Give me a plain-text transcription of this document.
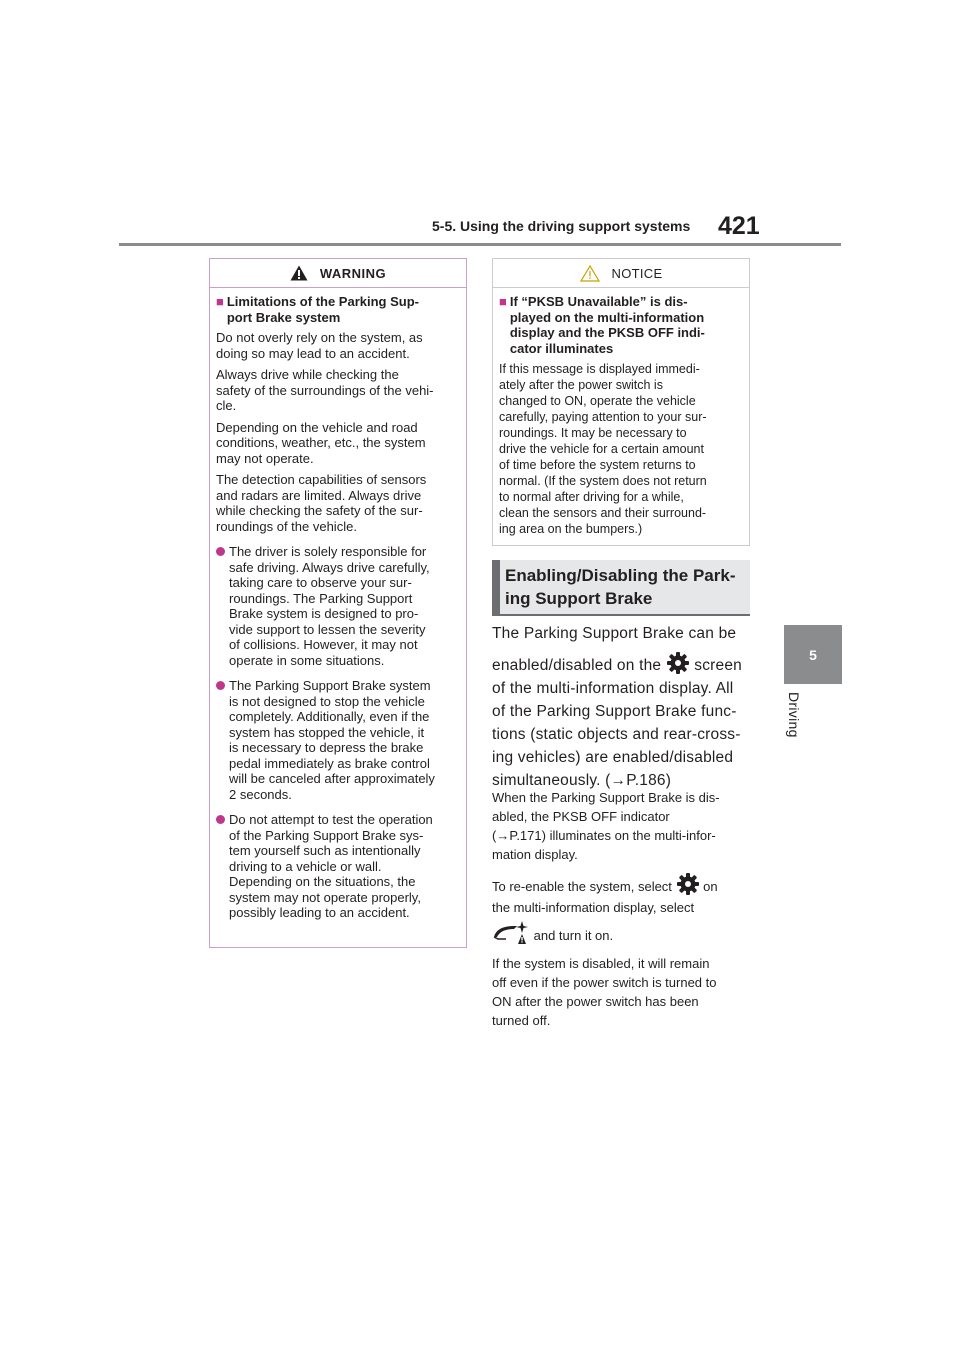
5-5. Using the driving support systems 421
5
Driving
WARNING
■ Limitations of the Parking Sup-
port Brake system
Do not overly rely on the system, as
doing so may lead to an accident.
Always drive while checking the
safety of the surroundings of the vehi-
cle.
Depending on the vehicle and road
conditions, weather, etc., the system
may not operate.
The detection capabilities of sensors
and radars are limited. Always drive
while checking the safety of the sur-
roundings of the vehicle.
The driver is solely responsible for
safe driving. Always drive carefully,
taking care to observe your sur-
roundings. The Parking Support
Brake system is designed to pro-
vide support to lessen the severity
of collisions. However, it may not
operate in some situations.
The Parking Support Brake system
is not designed to stop the vehicle
completely. Additionally, even if the
system has stopped the vehicle, it
is necessary to depress the brake
pedal immediately as brake control
will be canceled after approximately
2 seconds.
Do not attempt to test the operation
of the Parking Support Brake sys-
tem yourself such as intentionally
driving to a vehicle or wall.
Depending on the situations, the
system may not operate properly,
possibly leading to an accident.
NOTICE
■ If “PKSB Unavailable” is dis-
played on the multi-information
display and the PKSB OFF indi-
cator illuminates
If this message is displayed immedi-
ately after the power switch is
changed to ON, operate the vehicle
carefully, paying attention to your sur-
roundings. It may be necessary to
drive the vehicle for a certain amount
of time before the system returns to
normal. (If the system does not return
to normal after driving for a while,
clean the sensors and their surround-
ing area on the bumpers.)
Enabling/Disabling the Park-
ing Support Brake

The Parking Support Brake can be

enabled/disabled on the screen

of the multi-information display. All

of the Parking Support Brake func-

tions (static objects and rear-cross-

ing vehicles) are enabled/disabled

simultaneously. (→P.186)

When the Parking Support Brake is dis-

abled, the PKSB OFF indicator

(→P.171) illuminates on the multi-infor-

mation display.

To re-enable the system, select on

the multi-information display, select

and turn it on.

If the system is disabled, it will remain

off even if the power switch is turned to

ON after the power switch has been

turned off.
